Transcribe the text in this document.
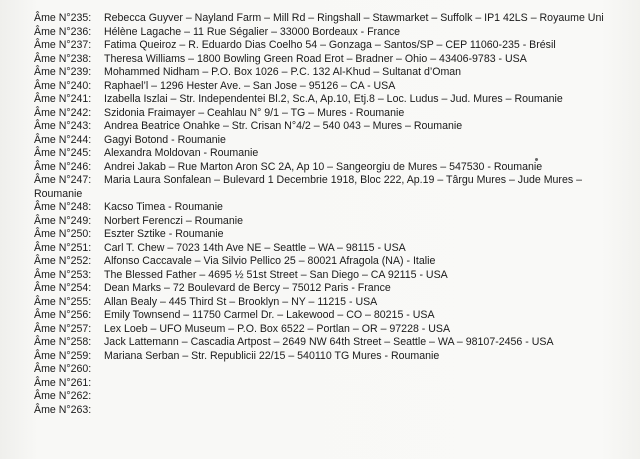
Âme N°235: Rebecca Guyver – Nayland Farm – Mill Rd – Ringshall – Stawmarket – Suffolk – IP1 42LS – Royaume Uni
Âme N°236: Hélène Lagache – 11 Rue Ségalier – 33000 Bordeaux - France
Âme N°237: Fatima Queiroz – R. Eduardo Dias Coelho 54 – Gonzaga – Santos/SP – CEP 11060-235 - Brésil
Âme N°238: Theresa Williams – 1800 Bowling Green Road Erot – Bradner – Ohio – 43406-9783 - USA
Âme N°239: Mohammed Nidham – P.O. Box 1026 – P.C. 132 Al-Khud – Sultanat d’Oman
Âme N°240: Raphael’l – 1296 Hester Ave. – San Jose – 95126 – CA - USA
Âme N°241: Izabella Iszlai – Str. Independentei Bl.2, Sc.A, Ap.10, Etj.8 – Loc. Ludus – Jud. Mures – Roumanie
Âme N°242: Szidonia Fraimayer – Ceahlau N° 9/1 – TG – Mures - Roumanie
Âme N°243: Andrea Beatrice Onahke – Str. Crisan N°4/2 – 540 043 – Mures – Roumanie
Âme N°244: Gagyi Botond - Roumanie
Âme N°245: Alexandra Moldovan - Roumanie
Âme N°246: Andrei Jakab – Rue Marton Aron SC 2A, Ap 10 – Sangeorgiu de Mures – 547530 - Roumanie
Âme N°247: Maria Laura Sonfalean – Bulevard 1 Decembrie 1918, Bloc 222, Ap.19 – Târgu Mures – Jude Mures – Roumanie
Âme N°248: Kacso Timea - Roumanie
Âme N°249: Norbert Ferenczi – Roumanie
Âme N°250: Eszter Sztike - Roumanie
Âme N°251: Carl T. Chew – 7023 14th Ave NE – Seattle – WA – 98115 - USA
Âme N°252: Alfonso Caccavale – Via Silvio Pellico 25 – 80021 Afragola (NA) - Italie
Âme N°253: The Blessed Father – 4695 ½ 51st Street – San Diego – CA 92115 - USA
Âme N°254: Dean Marks – 72 Boulevard de Bercy – 75012 Paris - France
Âme N°255: Allan Bealy – 445 Third St – Brooklyn – NY – 11215 - USA
Âme N°256: Emily Townsend – 11750 Carmel Dr. – Lakewood – CO – 80215 - USA
Âme N°257: Lex Loeb – UFO Museum – P.O. Box 6522 – Portlan – OR – 97228 - USA
Âme N°258: Jack Lattemann – Cascadia Artpost – 2649 NW 64th Street – Seattle – WA – 98107-2456 - USA
Âme N°259: Mariana Serban – Str. Republicii 22/15 – 540110 TG Mures - Roumanie
Âme N°260:
Âme N°261:
Âme N°262:
Âme N°263:
